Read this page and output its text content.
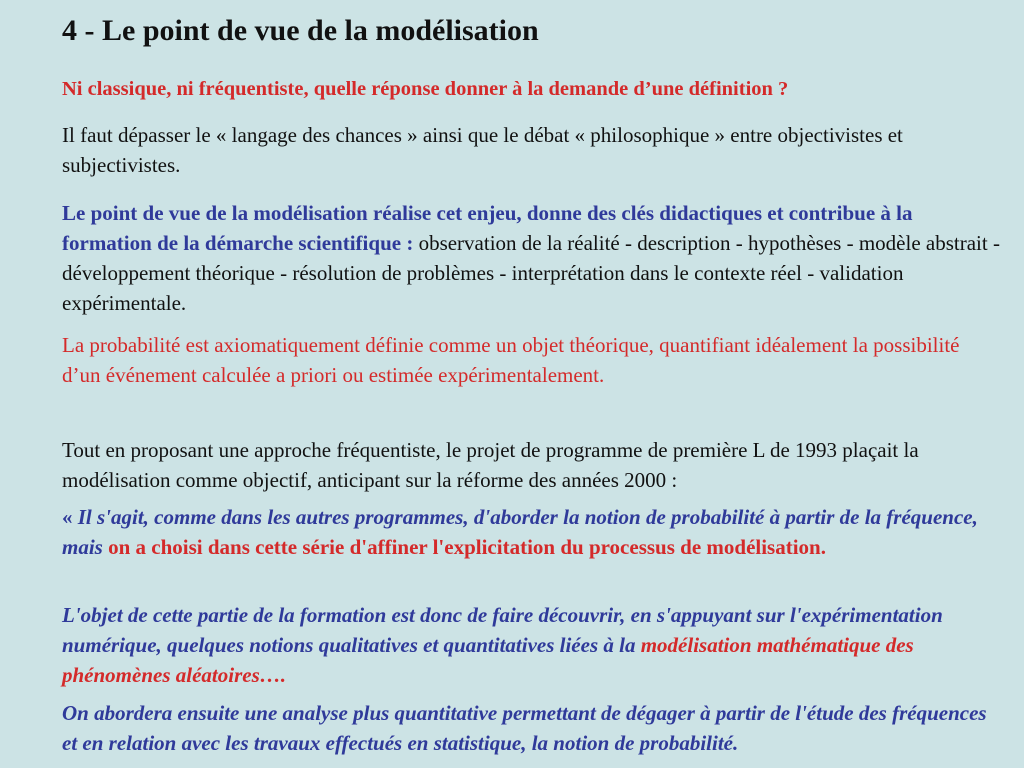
4 - Le point de vue de la modélisation
Ni classique, ni fréquentiste, quelle réponse donner à la demande d’une définition ?
Il faut dépasser le « langage des chances » ainsi que le débat « philosophique » entre objectivistes et subjectivistes.
Le point de vue de la modélisation réalise cet enjeu, donne des clés didactiques et contribue à la formation de la démarche scientifique : observation de la réalité - description - hypothèses - modèle abstrait - développement théorique - résolution de problèmes - interprétation dans le contexte réel - validation expérimentale.
La probabilité est axiomatiquement définie comme un objet théorique, quantifiant idéalement la possibilité d’un événement calculée a priori ou estimée expérimentalement.
Tout en proposant une approche fréquentiste, le projet de programme de première L de 1993 plaçait la modélisation comme objectif, anticipant sur la réforme des années 2000 :
« Il s'agit, comme dans les autres programmes, d'aborder la notion de probabilité à partir de la fréquence, mais on a choisi dans cette série d'affiner l'explicitation du processus de modélisation.
L'objet de cette partie de la formation est donc de faire découvrir, en s'appuyant sur l'expérimentation numérique, quelques notions qualitatives et quantitatives liées à la modélisation mathématique des phénomènes aléatoires….
On abordera ensuite une analyse plus quantitative permettant de dégager à partir de l'étude des fréquences et en relation avec les travaux effectués en statistique, la notion de probabilité.
